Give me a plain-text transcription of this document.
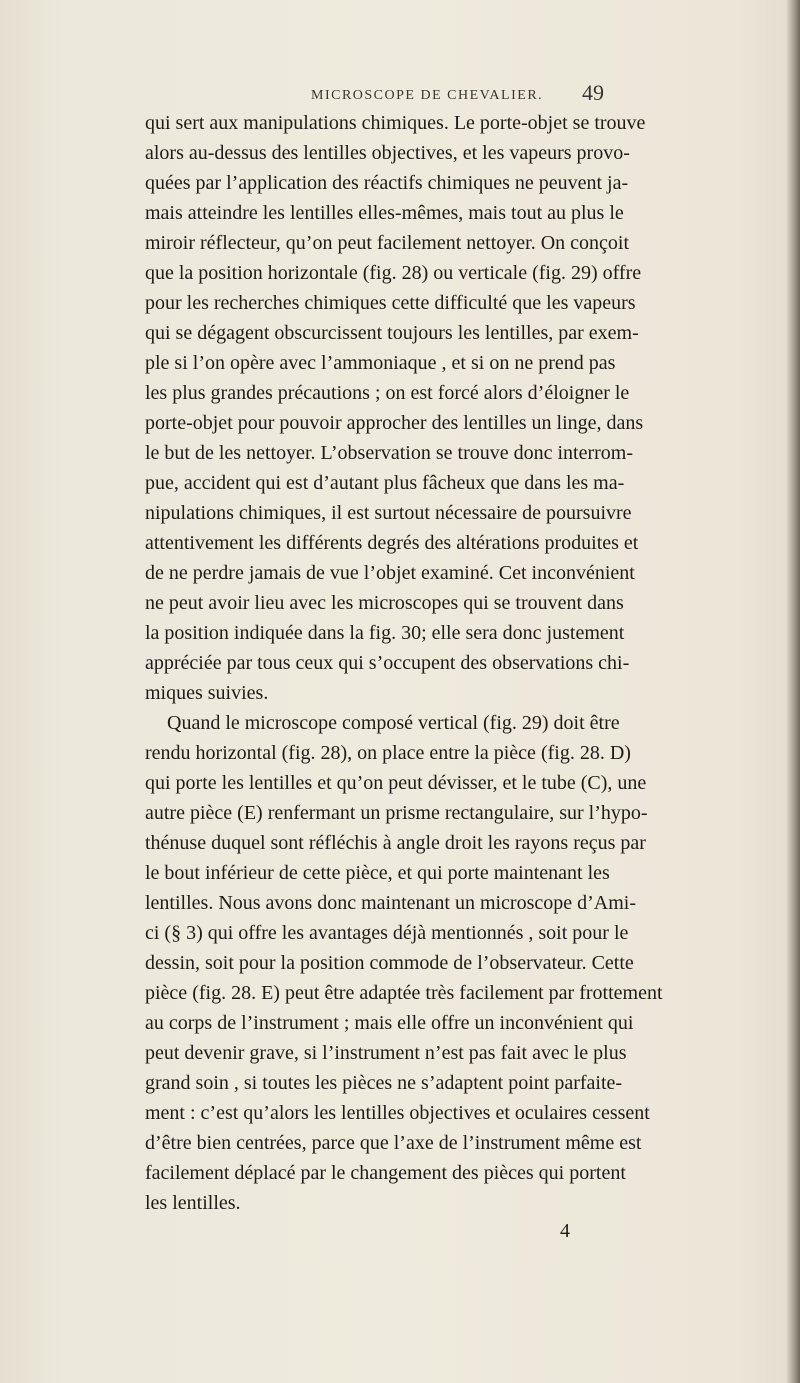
MICROSCOPE DE CHEVALIER. 49

qui sert aux manipulations chimiques. Le porte-objet se trouve
alors au-dessus des lentilles objectives, et les vapeurs provo-
quées par l’application des réactifs chimiques ne peuvent ja-
mais atteindre les lentilles elles-mêmes, mais tout au plus le
miroir réflecteur, qu’on peut facilement nettoyer. On conçoit
que la position horizontale (fig. 28) ou verticale (fig. 29) offre
pour les recherches chimiques cette difficulté que les vapeurs
qui se dégagent obscurcissent toujours les lentilles, par exem-
ple si l’on opère avec l’ammoniaque , et si on ne prend pas
les plus grandes précautions ; on est forcé alors d’éloigner le
porte-objet pour pouvoir approcher des lentilles un linge, dans
le but de les nettoyer. L’observation se trouve donc interrom-
pue, accident qui est d’autant plus fâcheux que dans les ma-
nipulations chimiques, il est surtout nécessaire de poursuivre
attentivement les différents degrés des altérations produites et
de ne perdre jamais de vue l’objet examiné. Cet inconvénient
ne peut avoir lieu avec les microscopes qui se trouvent dans
la position indiquée dans la fig. 30; elle sera donc justement
appréciée par tous ceux qui s’occupent des observations chi-
miques suivies.

Quand le microscope composé vertical (fig. 29) doit être
rendu horizontal (fig. 28), on place entre la pièce (fig. 28. D)
qui porte les lentilles et qu’on peut dévisser, et le tube (C), une
autre pièce (E) renfermant un prisme rectangulaire, sur l’hypo-
thénuse duquel sont réfléchis à angle droit les rayons reçus par
le bout inférieur de cette pièce, et qui porte maintenant les
lentilles. Nous avons donc maintenant un microscope d’Ami-
ci (§ 3) qui offre les avantages déjà mentionnés , soit pour le
dessin, soit pour la position commode de l’observateur. Cette
pièce (fig. 28. E) peut être adaptée très facilement par frottement
au corps de l’instrument ; mais elle offre un inconvénient qui
peut devenir grave, si l’instrument n’est pas fait avec le plus
grand soin , si toutes les pièces ne s’adaptent point parfaite-
ment : c’est qu’alors les lentilles objectives et oculaires cessent
d’être bien centrées, parce que l’axe de l’instrument même est
facilement déplacé par le changement des pièces qui portent
les lentilles.

4
